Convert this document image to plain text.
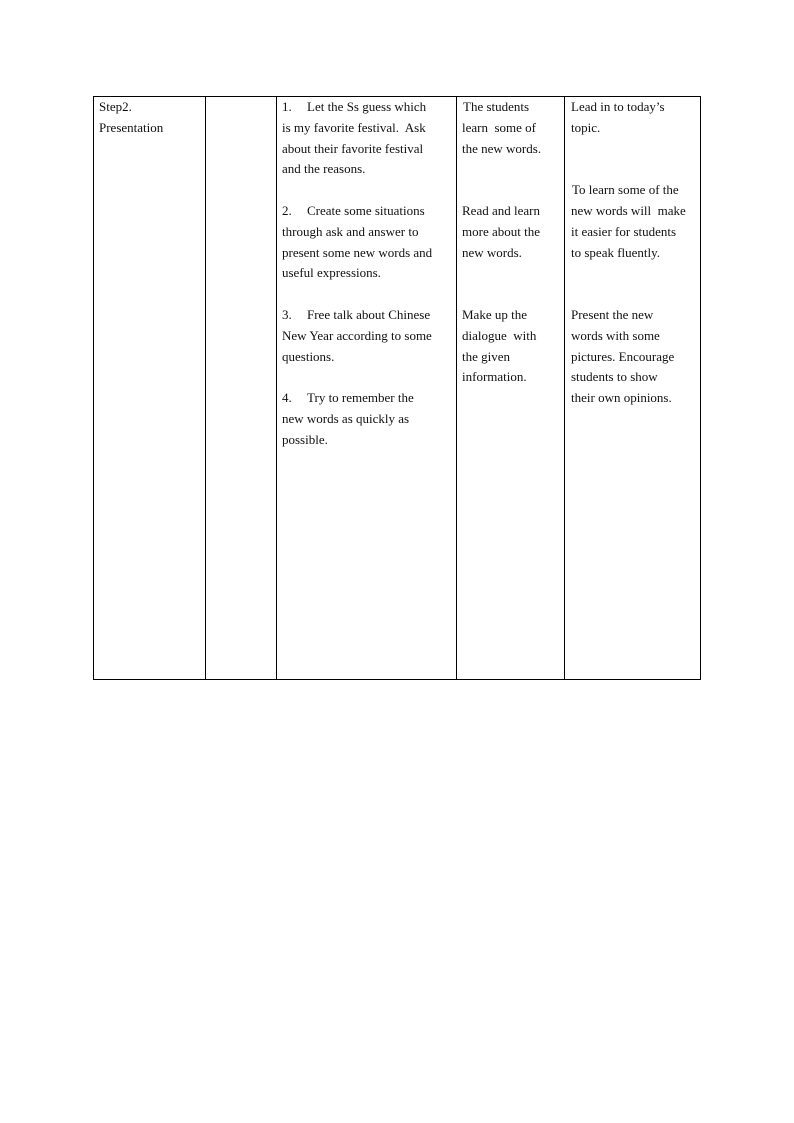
Step2.
Presentation
1. Let the Ss guess which
is my favorite festival.  Ask
about their favorite festival
and the reasons.
2. Create some situations
through ask and answer to
present some new words and
useful expressions.
3. Free talk about Chinese
New Year according to some
questions.
4. Try to remember the
new words as quickly as
possible.
The students
learn  some of
the new words.
Read and learn
more about the
new words.
Make up the
dialogue  with
the given
information.
Lead in to today’s
topic.
To learn some of the
new words will  make
it easier for students
to speak fluently.
Present the new
words with some
pictures. Encourage
students to show
their own opinions.
